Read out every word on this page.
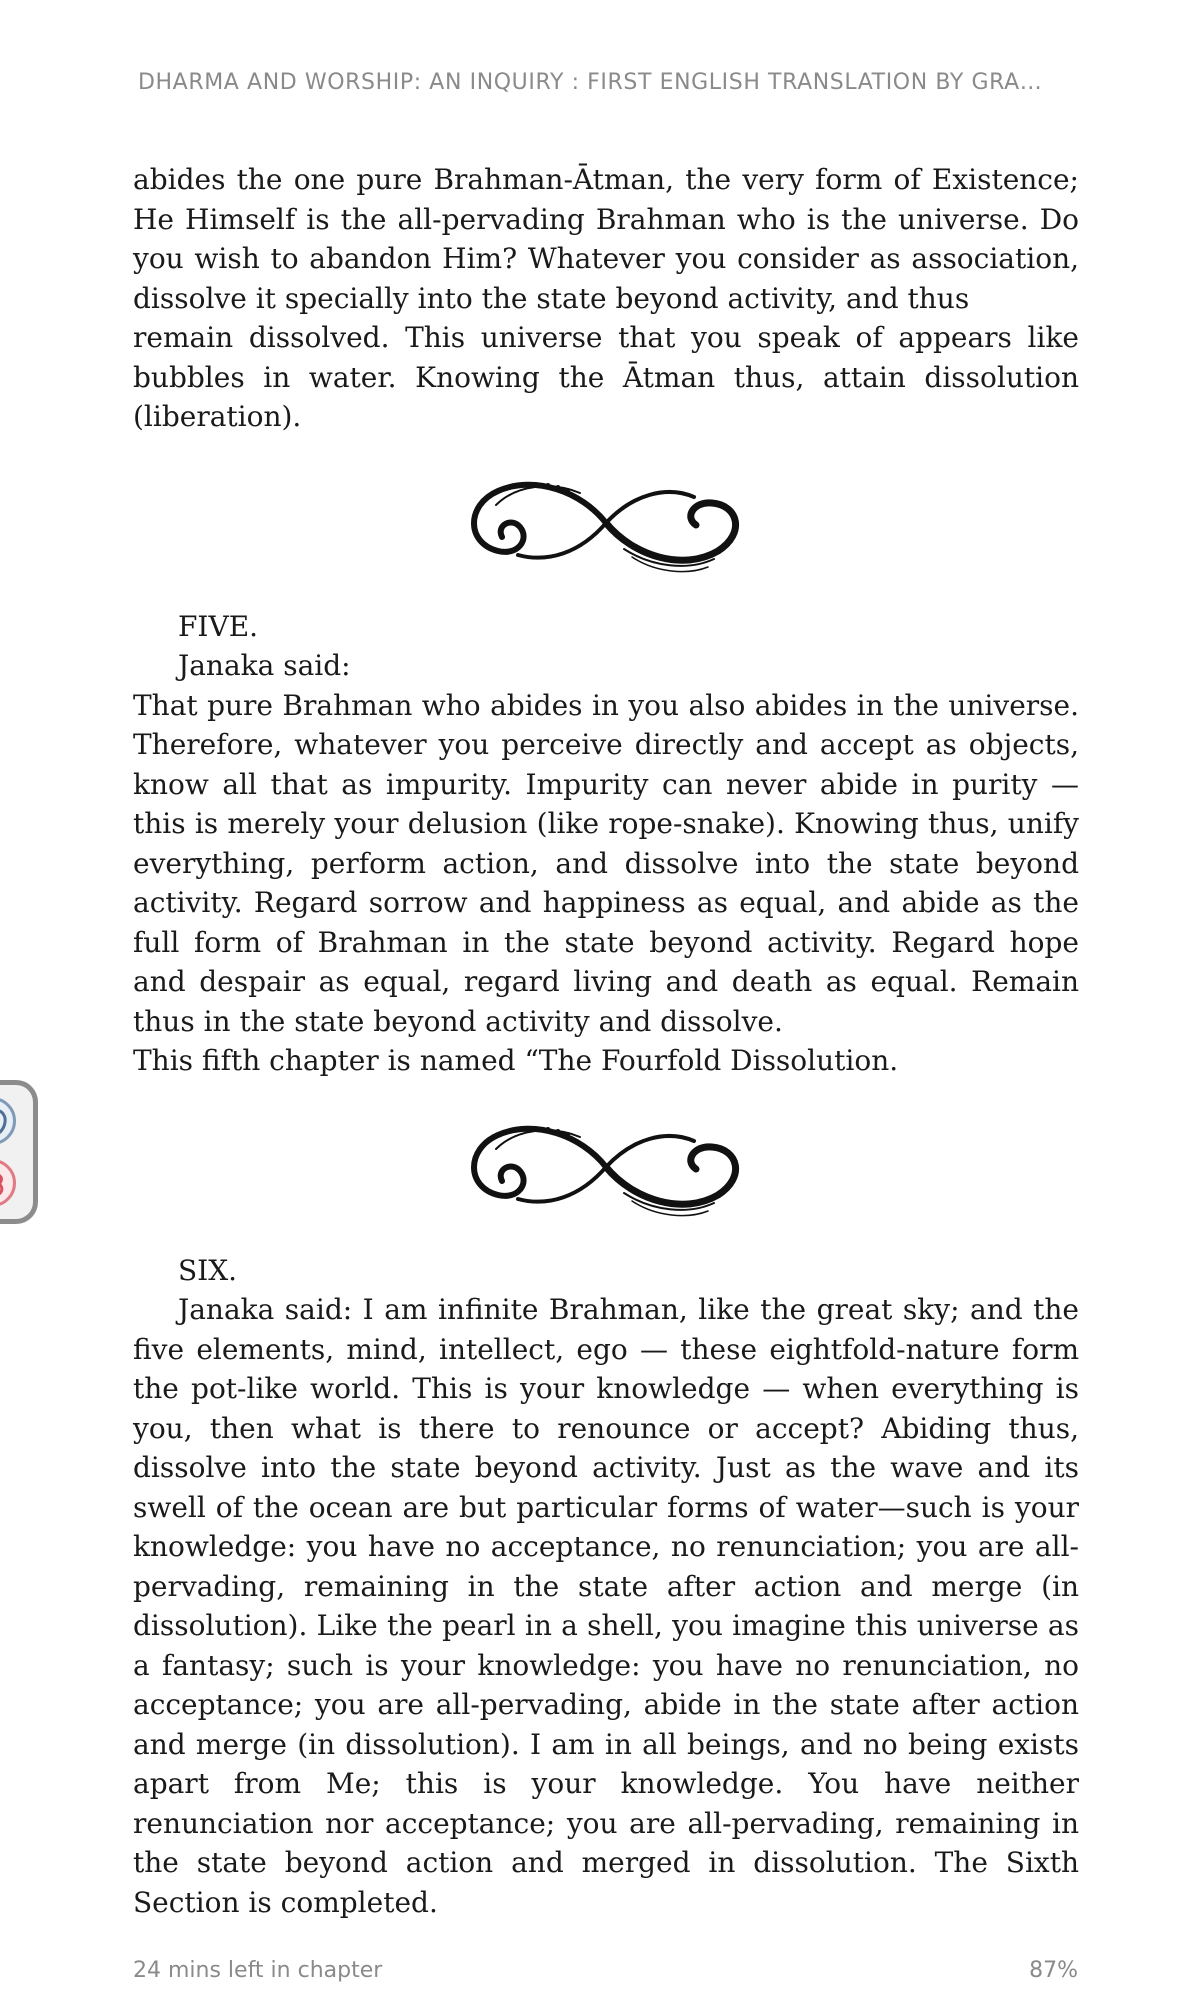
DHARMA AND WORSHIP: AN INQUIRY : FIRST ENGLISH TRANSLATION BY GRA…

abides the one pure Brahman-Ātman, the very form of Existence; He Himself is the all-pervading Brahman who is the universe. Do you wish to abandon Him? Whatever you consider as association, dissolve it specially into the state beyond activity, and thus

remain dissolved. This universe that you speak of appears like bubbles in water. Knowing the Ātman thus, attain dissolution (liberation).

FIVE.

Janaka said:

That pure Brahman who abides in you also abides in the universe. Therefore, whatever you perceive directly and accept as objects, know all that as impurity. Impurity can never abide in purity — this is merely your delusion (like rope-snake). Knowing thus, unify everything, perform action, and dissolve into the state beyond activity. Regard sorrow and happiness as equal, and abide as the full form of Brahman in the state beyond activity. Regard hope and despair as equal, regard living and death as equal. Remain thus in the state beyond activity and dissolve.

This fifth chapter is named “The Fourfold Dissolution.

SIX.

Janaka said: I am infinite Brahman, like the great sky; and the five elements, mind, intellect, ego — these eightfold-nature form the pot-like world. This is your knowledge — when everything is you, then what is there to renounce or accept? Abiding thus, dissolve into the state beyond activity. Just as the wave and its swell of the ocean are but particular forms of water—such is your knowledge: you have no acceptance, no renunciation; you are all-pervading, remaining in the state after action and merge (in dissolution). Like the pearl in a shell, you imagine this universe as a fantasy; such is your knowledge: you have no renunciation, no acceptance; you are all-pervading, abide in the state after action and merge (in dissolution). I am in all beings, and no being exists apart from Me; this is your knowledge. You have neither renunciation nor acceptance; you are all-pervading, remaining in the state beyond action and merged in dissolution. The Sixth Section is completed.

24 mins left in chapter	87%
